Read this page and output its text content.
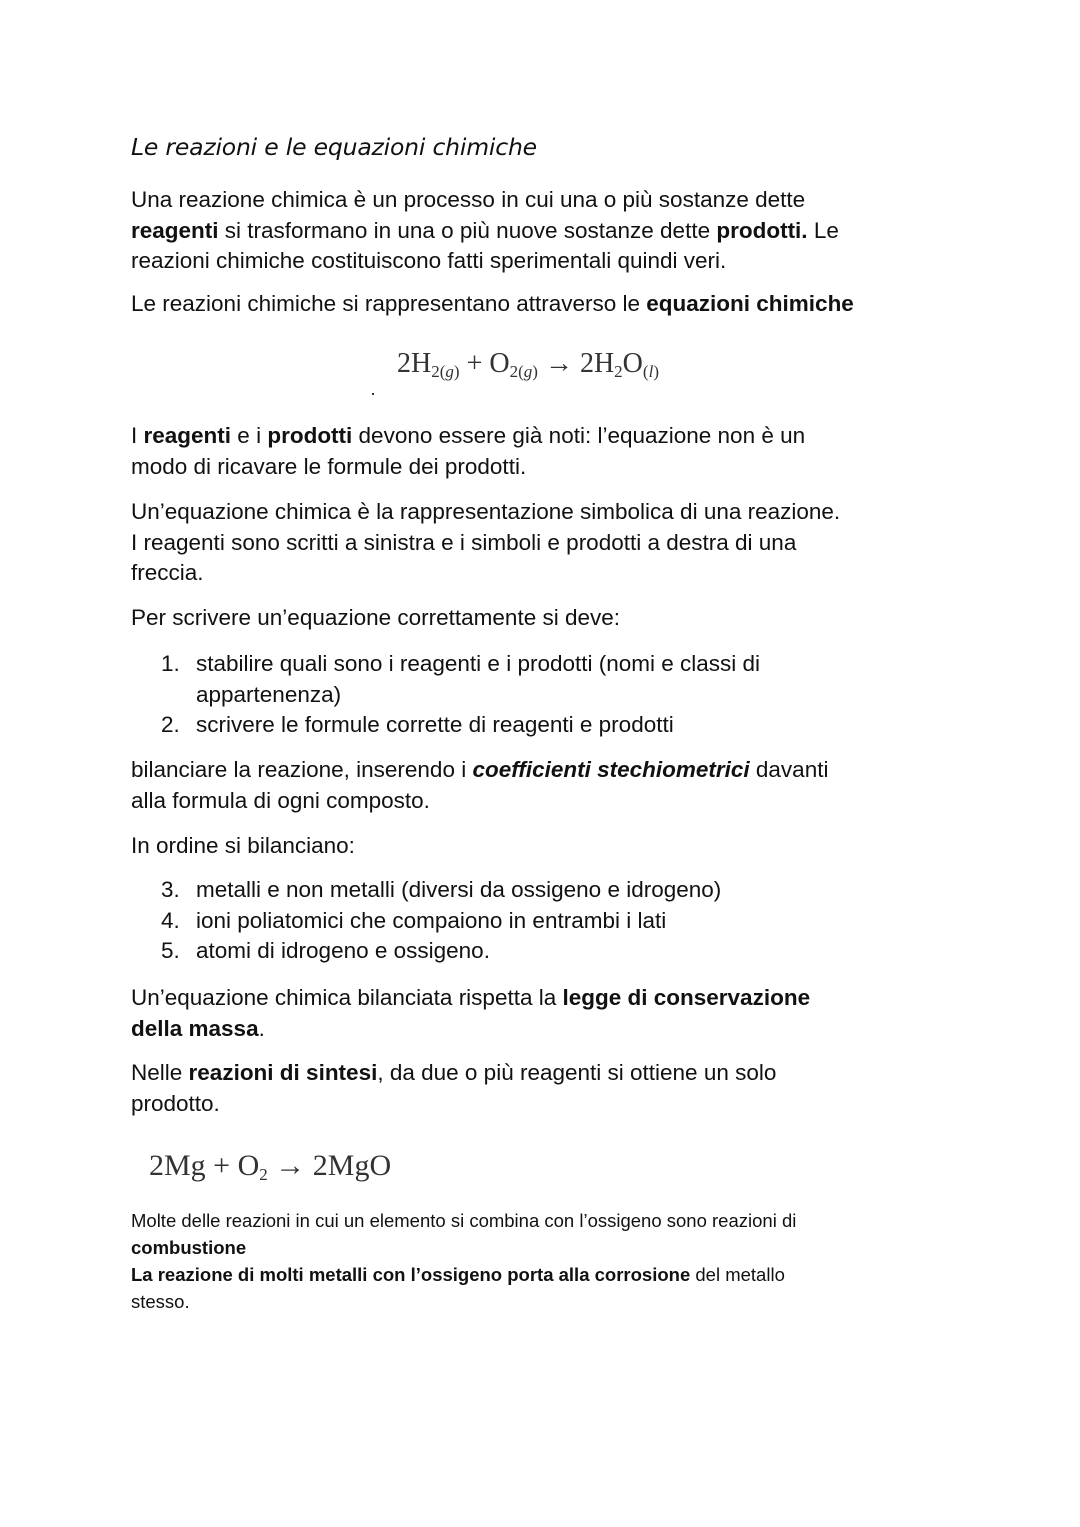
Le reazioni e le equazioni chimiche
Una reazione chimica è un processo in cui una o più sostanze dette
reagenti si trasformano in una o più nuove sostanze dette prodotti. Le
reazioni chimiche costituiscono fatti sperimentali quindi veri.
Le reazioni chimiche si rappresentano attraverso le equazioni chimiche
$2H_{2(g)} + O_{2(g)} \to 2H_2O_{(l)}$
I reagenti e i prodotti devono essere già noti: l’equazione non è un
modo di ricavare le formule dei prodotti.
Un’equazione chimica è la rappresentazione simbolica di una reazione.
I reagenti sono scritti a sinistra e i simboli e prodotti a destra di una
freccia.
Per scrivere un’equazione correttamente si deve:
1. stabilire quali sono i reagenti e i prodotti (nomi e classi di
appartenenza)
2. scrivere le formule corrette di reagenti e prodotti
bilanciare la reazione, inserendo i coefficienti stechiometrici davanti
alla formula di ogni composto.
In ordine si bilanciano:
3. metalli e non metalli (diversi da ossigeno e idrogeno)
4. ioni poliatomici che compaiono in entrambi i lati
5. atomi di idrogeno e ossigeno.
Un’equazione chimica bilanciata rispetta la legge di conservazione
della massa.
Nelle reazioni di sintesi, da due o più reagenti si ottiene un solo
prodotto.
$2Mg + O_2 \to 2MgO$
Molte delle reazioni in cui un elemento si combina con l’ossigeno sono reazioni di
combustione
La reazione di molti metalli con l’ossigeno porta alla corrosione del metallo
stesso.
